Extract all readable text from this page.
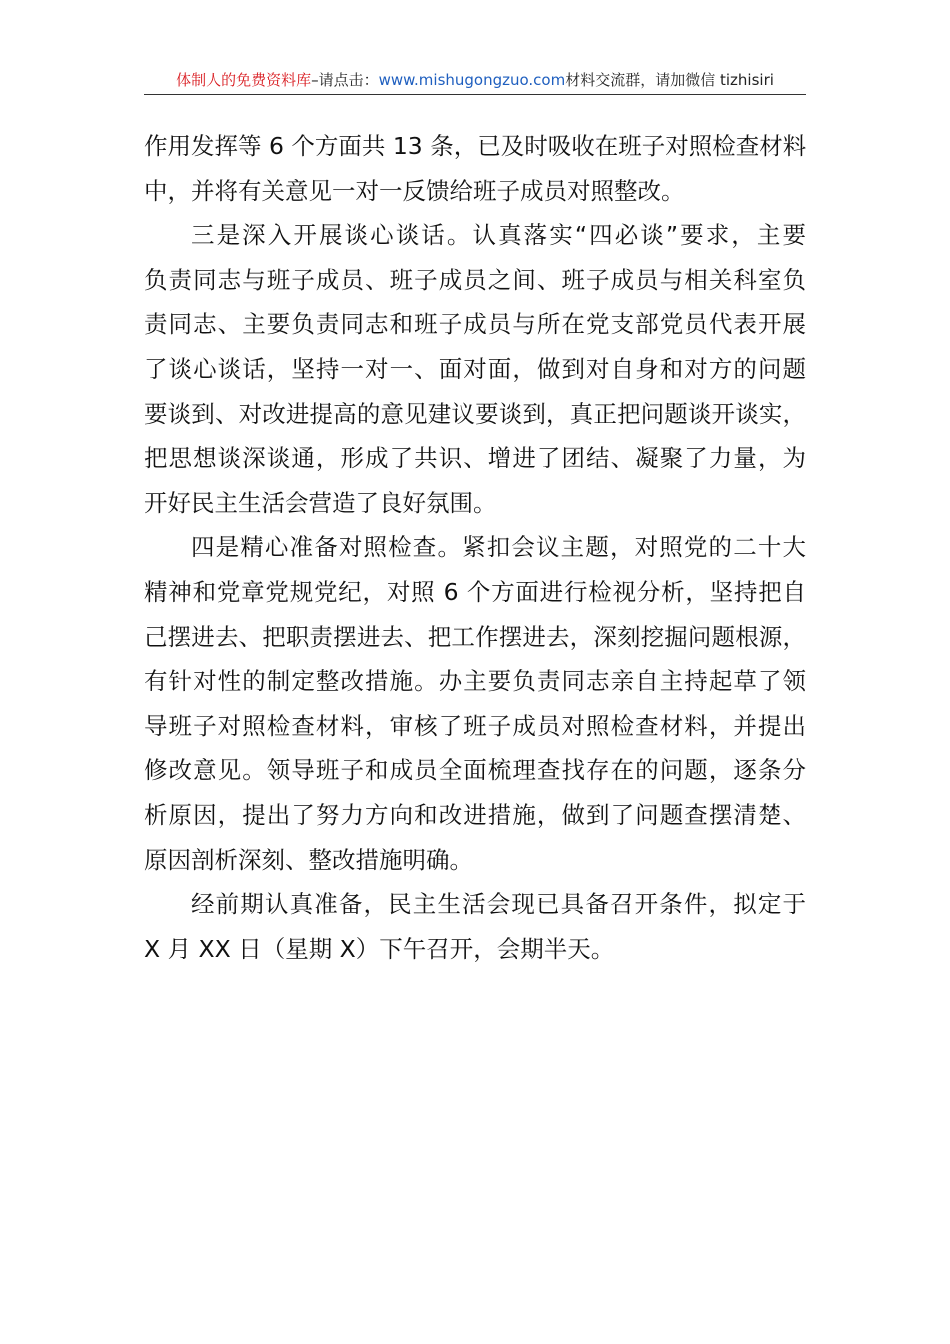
体制人的免费资料库–请点击：www.mishugongzuo.com材料交流群，请加微信 tizhisiri
作用发挥等 6 个方面共 13 条，已及时吸收在班子对照检查材料
中，并将有关意见一对一反馈给班子成员对照整改。
三是深入开展谈心谈话。认真落实“四必谈”要求，主要
负责同志与班子成员、班子成员之间、班子成员与相关科室负
责同志、主要负责同志和班子成员与所在党支部党员代表开展
了谈心谈话，坚持一对一、面对面，做到对自身和对方的问题
要谈到、对改进提高的意见建议要谈到，真正把问题谈开谈实，
把思想谈深谈通，形成了共识、增进了团结、凝聚了力量，为
开好民主生活会营造了良好氛围。
四是精心准备对照检查。紧扣会议主题，对照党的二十大
精神和党章党规党纪，对照 6 个方面进行检视分析，坚持把自
己摆进去、把职责摆进去、把工作摆进去，深刻挖掘问题根源，
有针对性的制定整改措施。办主要负责同志亲自主持起草了领
导班子对照检查材料，审核了班子成员对照检查材料，并提出
修改意见。领导班子和成员全面梳理查找存在的问题，逐条分
析原因，提出了努力方向和改进措施，做到了问题查摆清楚、
原因剖析深刻、整改措施明确。
经前期认真准备，民主生活会现已具备召开条件，拟定于
X 月 XX 日（星期 X）下午召开，会期半天。
